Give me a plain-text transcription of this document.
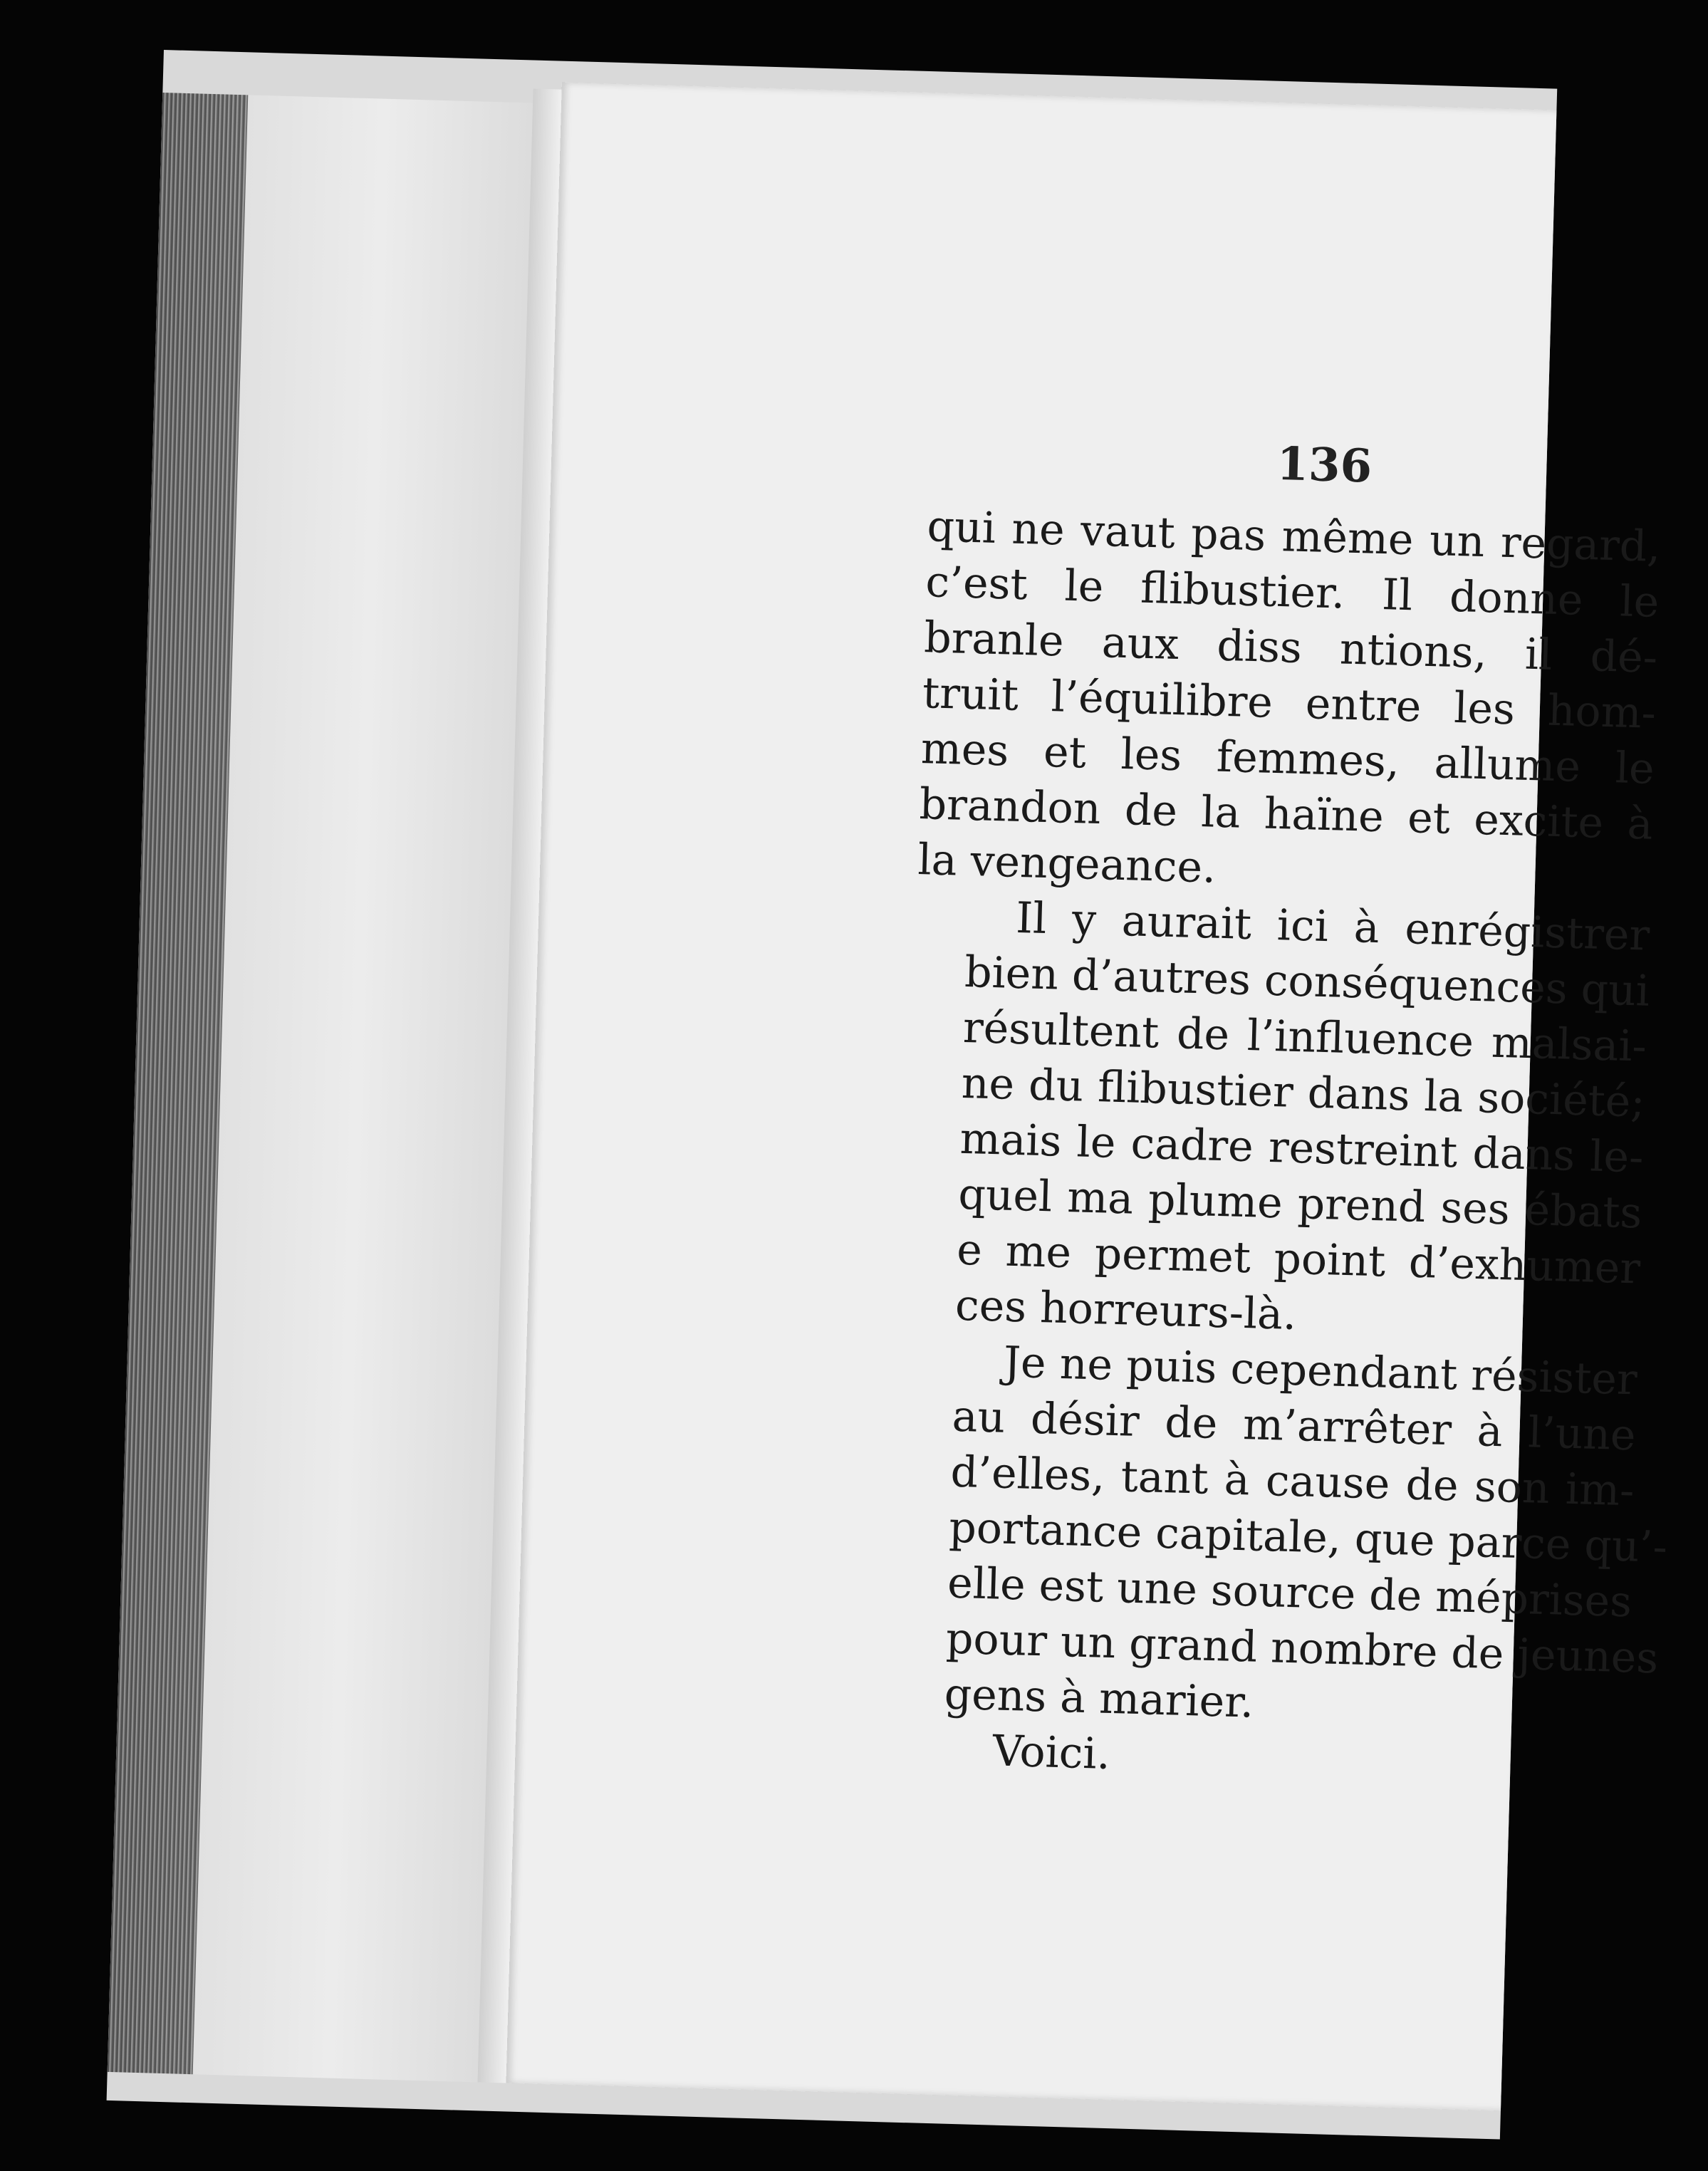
136
qui ne vaut pas même un regard,
c’est le flibustier. Il donne le
branle aux diss ntions, il dé-
truit l’équilibre entre les hom-
mes et les femmes, allume le
brandon de la haïne et excite à
la vengeance.
Il y aurait ici à enrégistrer
bien d’autres conséquences qui
résultent de l’influence malsai-
ne du flibustier dans la société;
mais le cadre restreint dans le-
quel ma plume prend ses ébats
e me permet point d’exhumer
ces horreurs-là.
Je ne puis cependant résister
au désir de m’arrêter à l’une
d’elles, tant à cause de son im-
portance capitale, que parce qu’-
elle est une source de méprises
pour un grand nombre de jeunes
gens à marier.
Voici.
